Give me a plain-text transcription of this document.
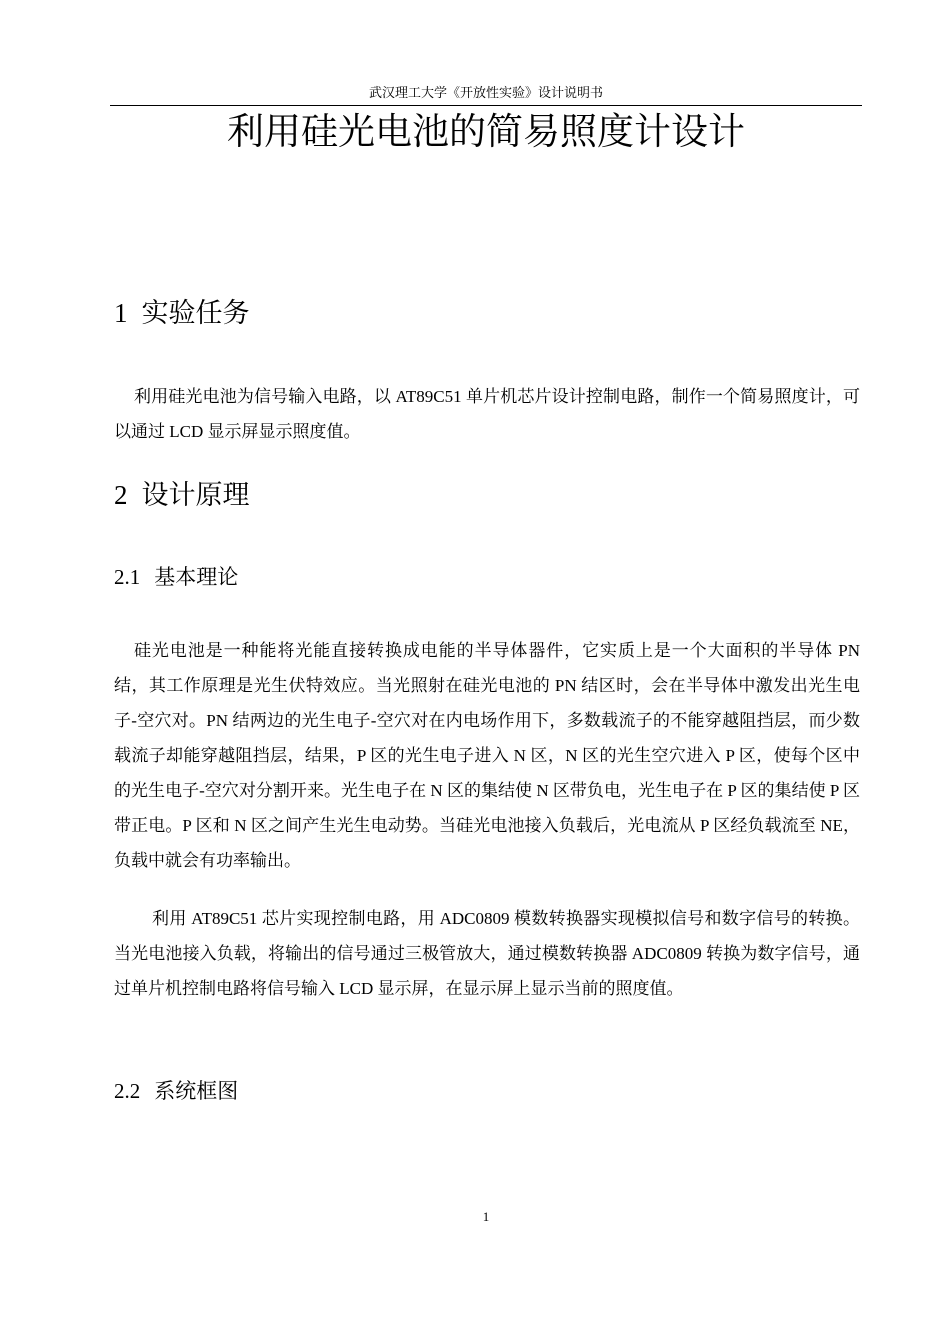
武汉理工大学《开放性实验》设计说明书
利用硅光电池的简易照度计设计
1 实验任务

利用硅光电池为信号输入电路，以 AT89C51 单片机芯片设计控制电路，制作一个简易照度计，可以通过 LCD 显示屏显示照度值。

2 设计原理
2.1 基本理论

硅光电池是一种能将光能直接转换成电能的半导体器件，它实质上是一个大面积的半导体 PN 结，其工作原理是光生伏特效应。当光照射在硅光电池的 PN 结区时，会在半导体中激发出光生电子-空穴对。PN 结两边的光生电子-空穴对在内电场作用下，多数载流子的不能穿越阻挡层，而少数载流子却能穿越阻挡层，结果，P 区的光生电子进入 N 区，N 区的光生空穴进入 P 区，使每个区中的光生电子-空穴对分割开来。光生电子在 N 区的集结使 N 区带负电，光生电子在 P 区的集结使 P 区带正电。P 区和 N 区之间产生光生电动势。当硅光电池接入负载后，光电流从 P 区经负载流至 NE，负载中就会有功率输出。

利用 AT89C51 芯片实现控制电路，用 ADC0809 模数转换器实现模拟信号和数字信号的转换。当光电池接入负载，将输出的信号通过三极管放大，通过模数转换器 ADC0809 转换为数字信号，通过单片机控制电路将信号输入 LCD 显示屏，在显示屏上显示当前的照度值。

2.2 系统框图
1
